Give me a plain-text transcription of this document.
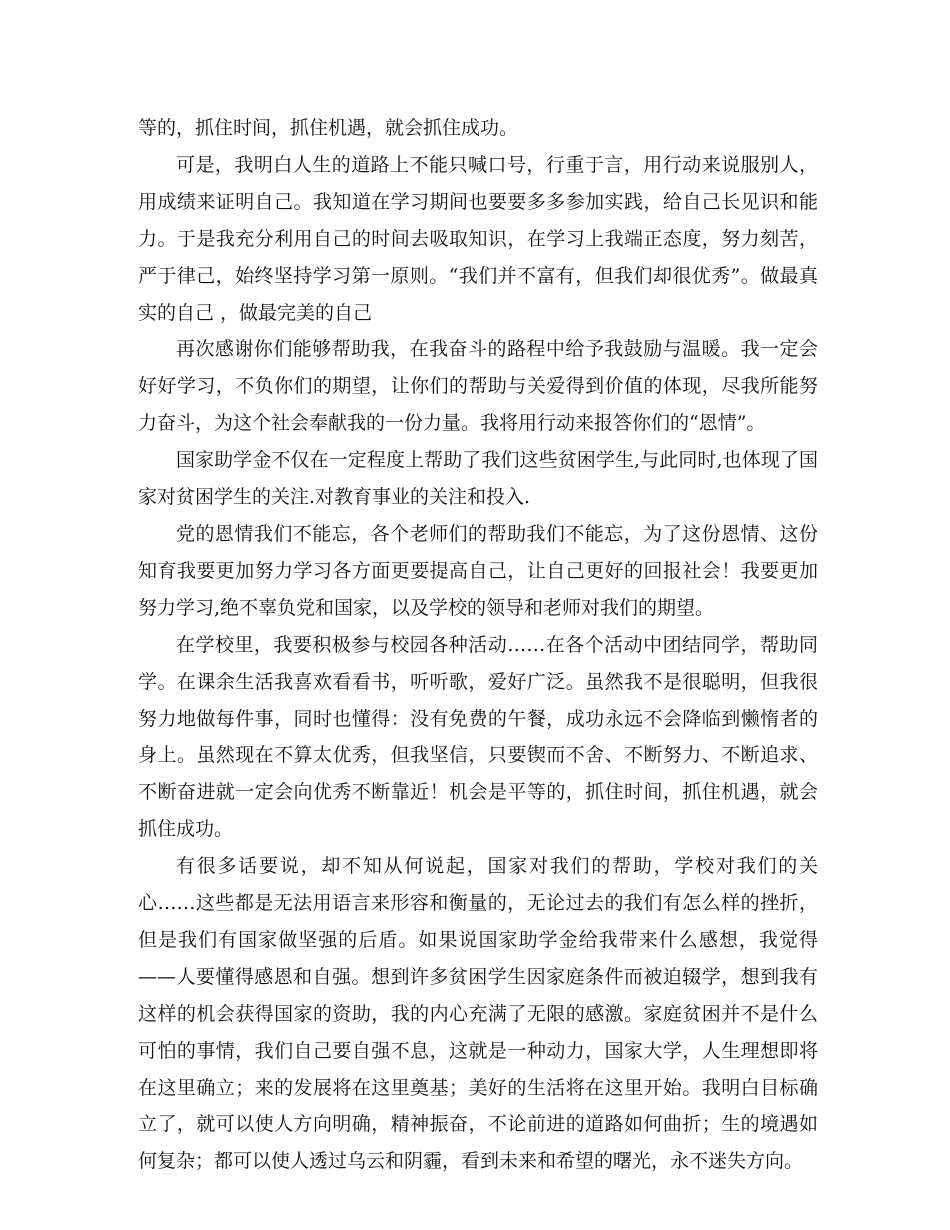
等的，抓住时间，抓住机遇，就会抓住成功。

可是，我明白人生的道路上不能只喊口号，行重于言，用行动来说服别人，用成绩来证明自己。我知道在学习期间也要要多多参加实践，给自己长见识和能力。于是我充分利用自己的时间去吸取知识，在学习上我端正态度，努力刻苦，严于律己，始终坚持学习第一原则。“我们并不富有，但我们却很优秀”。做最真实的自己 ，做最完美的自己

再次感谢你们能够帮助我，在我奋斗的路程中给予我鼓励与温暖。我一定会好好学习，不负你们的期望，让你们的帮助与关爱得到价值的体现，尽我所能努力奋斗，为这个社会奉献我的一份力量。我将用行动来报答你们的“恩情”。

国家助学金不仅在一定程度上帮助了我们这些贫困学生,与此同时,也体现了国家对贫困学生的关注.对教育事业的关注和投入.

党的恩情我们不能忘，各个老师们的帮助我们不能忘，为了这份恩情、这份知育我要更加努力学习各方面更要提高自己，让自己更好的回报社会！我要更加努力学习,绝不辜负党和国家，以及学校的领导和老师对我们的期望。

在学校里，我要积极参与校园各种活动……在各个活动中团结同学，帮助同学。在课余生活我喜欢看看书，听听歌，爱好广泛。虽然我不是很聪明，但我很努力地做每件事，同时也懂得：没有免费的午餐，成功永远不会降临到懒惰者的身上。虽然现在不算太优秀，但我坚信，只要锲而不舍、不断努力、不断追求、不断奋进就一定会向优秀不断靠近！机会是平等的，抓住时间，抓住机遇，就会抓住成功。

有很多话要说，却不知从何说起，国家对我们的帮助，学校对我们的关心……这些都是无法用语言来形容和衡量的，无论过去的我们有怎么样的挫折，但是我们有国家做坚强的后盾。如果说国家助学金给我带来什么感想，我觉得——人要懂得感恩和自强。想到许多贫困学生因家庭条件而被迫辍学，想到我有这样的机会获得国家的资助，我的内心充满了无限的感激。家庭贫困并不是什么可怕的事情，我们自己要自强不息，这就是一种动力，国家大学，人生理想即将在这里确立；来的发展将在这里奠基；美好的生活将在这里开始。我明白目标确立了，就可以使人方向明确，精神振奋，不论前进的道路如何曲折；生的境遇如何复杂；都可以使人透过乌云和阴霾，看到未来和希望的曙光，永不迷失方向。
